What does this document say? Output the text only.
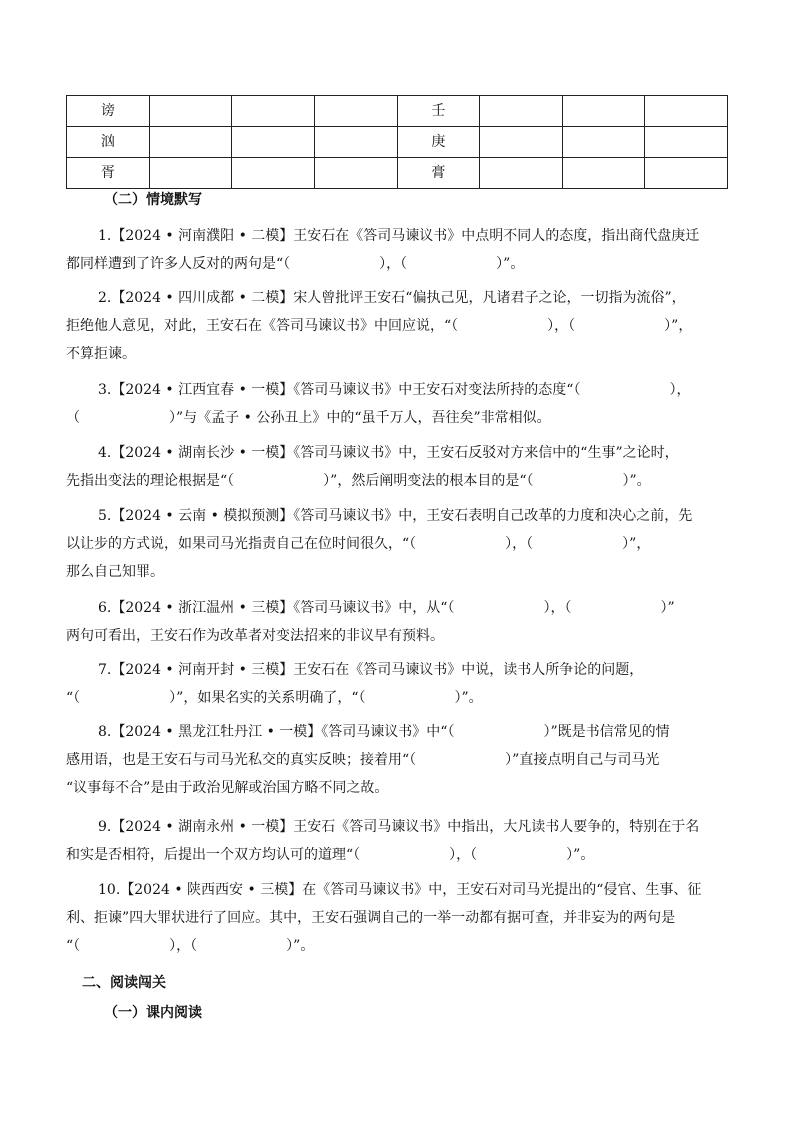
谤				壬			
汹				庚			
胥				膏			
（二）情境默写
1.【2024 • 河南濮阳 • 二模】王安石在《答司马谏议书》中点明不同人的态度，指出商代盘庚迁
都同样遭到了许多人反对的两句是“（                    ），（                    ）”。
2.【2024 • 四川成都 • 二模】宋人曾批评王安石“偏执己见，凡诸君子之论，一切指为流俗”，
拒绝他人意见，对此，王安石在《答司马谏议书》中回应说，“（                    ），（                    ）”，
不算拒谏。
3.【2024 • 江西宜春 • 一模】《答司马谏议书》中王安石对变法所持的态度“（                    ），
（                    ）”与《孟子 • 公孙丑上》中的“虽千万人，吾往矣”非常相似。
4.【2024 • 湖南长沙 • 一模】《答司马谏议书》中，王安石反驳对方来信中的“生事”之论时，
先指出变法的理论根据是“（                    ）”，然后阐明变法的根本目的是“（                    ）”。
5.【2024 • 云南 • 模拟预测】《答司马谏议书》中，王安石表明自己改革的力度和决心之前，先
以让步的方式说，如果司马光指责自己在位时间很久，“（                    ），（                    ）”，
那么自己知罪。
6.【2024 • 浙江温州 • 三模】《答司马谏议书》中，从“（                    ），（                    ）”
两句可看出，王安石作为改革者对变法招来的非议早有预料。
7.【2024 • 河南开封 • 三模】王安石在《答司马谏议书》中说，读书人所争论的问题，
“（                    ）”，如果名实的关系明确了，“（                    ）”。
8.【2024 • 黑龙江牡丹江 • 一模】《答司马谏议书》中“（                    ）”既是书信常见的情
感用语，也是王安石与司马光私交的真实反映；接着用“（                    ）”直接点明自己与司马光
“议事每不合”是由于政治见解或治国方略不同之故。
9.【2024 • 湖南永州 • 一模】王安石《答司马谏议书》中指出，大凡读书人要争的，特别在于名
和实是否相符，后提出一个双方均认可的道理“（                    ），（                    ）”。
10.【2024 • 陕西西安 • 三模】在《答司马谏议书》中，王安石对司马光提出的“侵官、生事、征
利、拒谏”四大罪状进行了回应。其中，王安石强调自己的一举一动都有据可查，并非妄为的两句是
“（                    ），（                    ）”。
二、阅读闯关
（一）课内阅读
